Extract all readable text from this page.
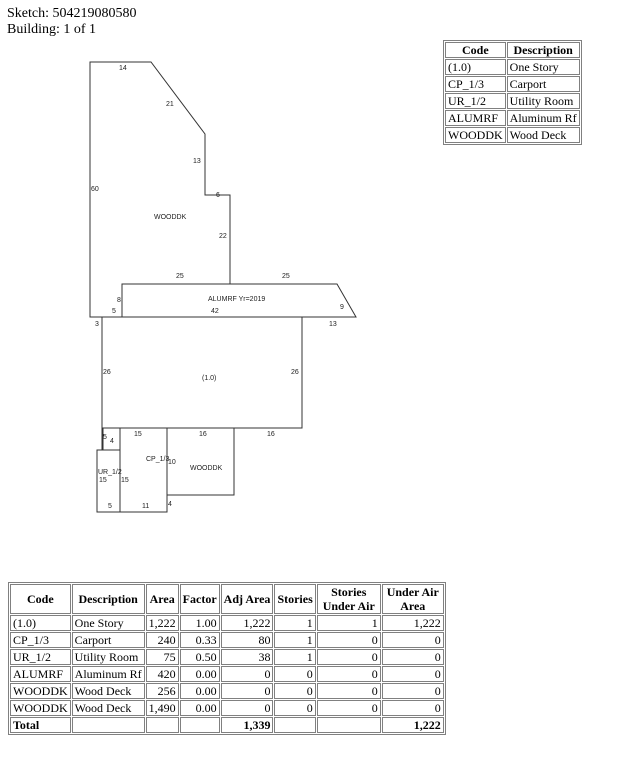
Sketch: 504219080580
Building: 1 of 1
WOODDK
ALUMRF Yr=2019
(1.0)
CP_1/3
WOODDK
UR_1/2
14
21
13
60
6
22
25	25
8
5
9
42
3	13
26	26
5
4
15	16	16
10
15 15
5	11	4
Code	Description
(1.0)	One Story
CP_1/3	Carport
UR_1/2	Utility Room
ALUMRF	Aluminum Rf
WOODDK	Wood Deck
Code	Description	Area	Factor	Adj Area	Stories	Stories Under Air	Under Air Area
(1.0)	One Story	1,222	1.00	1,222	1	1	1,222
CP_1/3	Carport	240	0.33	80	1	0	0
UR_1/2	Utility Room	75	0.50	38	1	0	0
ALUMRF	Aluminum Rf	420	0.00	0	0	0	0
WOODDK	Wood Deck	256	0.00	0	0	0	0
WOODDK	Wood Deck	1,490	0.00	0	0	0	0
Total				1,339			1,222
